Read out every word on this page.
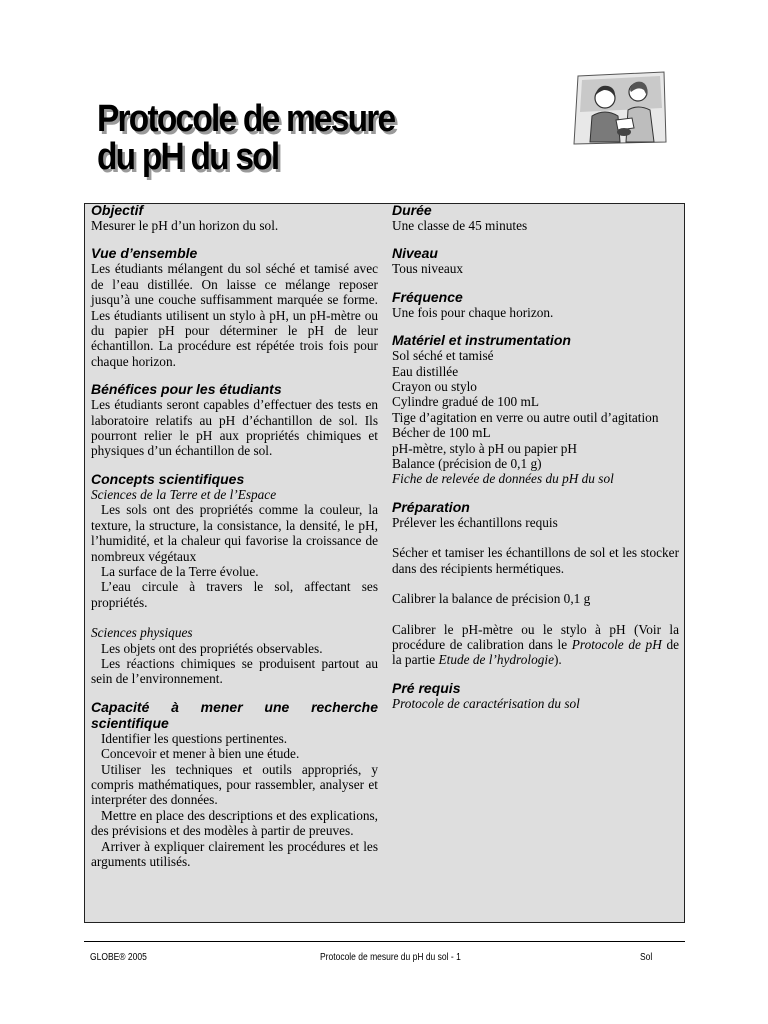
Protocole de mesure
du pH du sol
Objectif
Mesurer le pH d’un horizon du sol.
Vue d’ensemble
Les étudiants mélangent du sol séché et tamisé avec de l’eau distillée. On laisse ce mélange reposer jusqu’à une couche suffisamment marquée se forme. Les étudiants utilisent un stylo à pH, un pH-mètre ou du papier pH pour déterminer le pH de leur échantillon. La procédure est répétée trois fois pour chaque horizon.
Bénéfices pour les étudiants
Les étudiants seront capables d’effectuer des tests en laboratoire relatifs au pH d’échantillon de sol. Ils pourront relier le pH aux propriétés chimiques et physiques d’un échantillon de sol.
Concepts scientifiques
Sciences de la Terre et de l’Espace
Les sols ont des propriétés comme la couleur, la texture, la structure, la consistance, la densité, le pH, l’humidité, et la chaleur qui favorise la croissance de nombreux végétaux
La surface de la Terre évolue.
L’eau circule à travers le sol, affectant ses propriétés.
Sciences physiques
Les objets ont des propriétés observables.
Les réactions chimiques se produisent partout au sein de l’environnement.
Capacité à mener une recherche scientifique
Identifier les questions pertinentes.
Concevoir et mener à bien une étude.
Utiliser les techniques et outils appropriés, y compris mathématiques, pour rassembler, analyser et interpréter des données.
Mettre en place des descriptions et des explications, des prévisions et des modèles à partir de preuves.
Arriver à expliquer clairement les procédures et les arguments utilisés.
Durée
Une classe de 45 minutes
Niveau
Tous niveaux
Fréquence
Une fois pour chaque horizon.
Matériel et instrumentation
Sol séché et tamisé
Eau distillée
Crayon ou stylo
Cylindre gradué de 100 mL
Tige d’agitation en verre ou autre outil d’agitation
Bécher de 100 mL
pH-mètre, stylo à pH ou papier pH
Balance (précision de 0,1 g)
Fiche de relevée de données du pH du sol
Préparation
Prélever les échantillons requis
Sécher et tamiser les échantillons de sol et les stocker dans des récipients hermétiques.
Calibrer la balance de précision 0,1 g
Calibrer le pH-mètre ou le stylo à pH (Voir la procédure de calibration dans le Protocole de pH de la partie Etude de l’hydrologie).
Pré requis
Protocole de caractérisation du sol
GLOBE® 2005	Protocole de mesure du pH du sol - 1	Sol
